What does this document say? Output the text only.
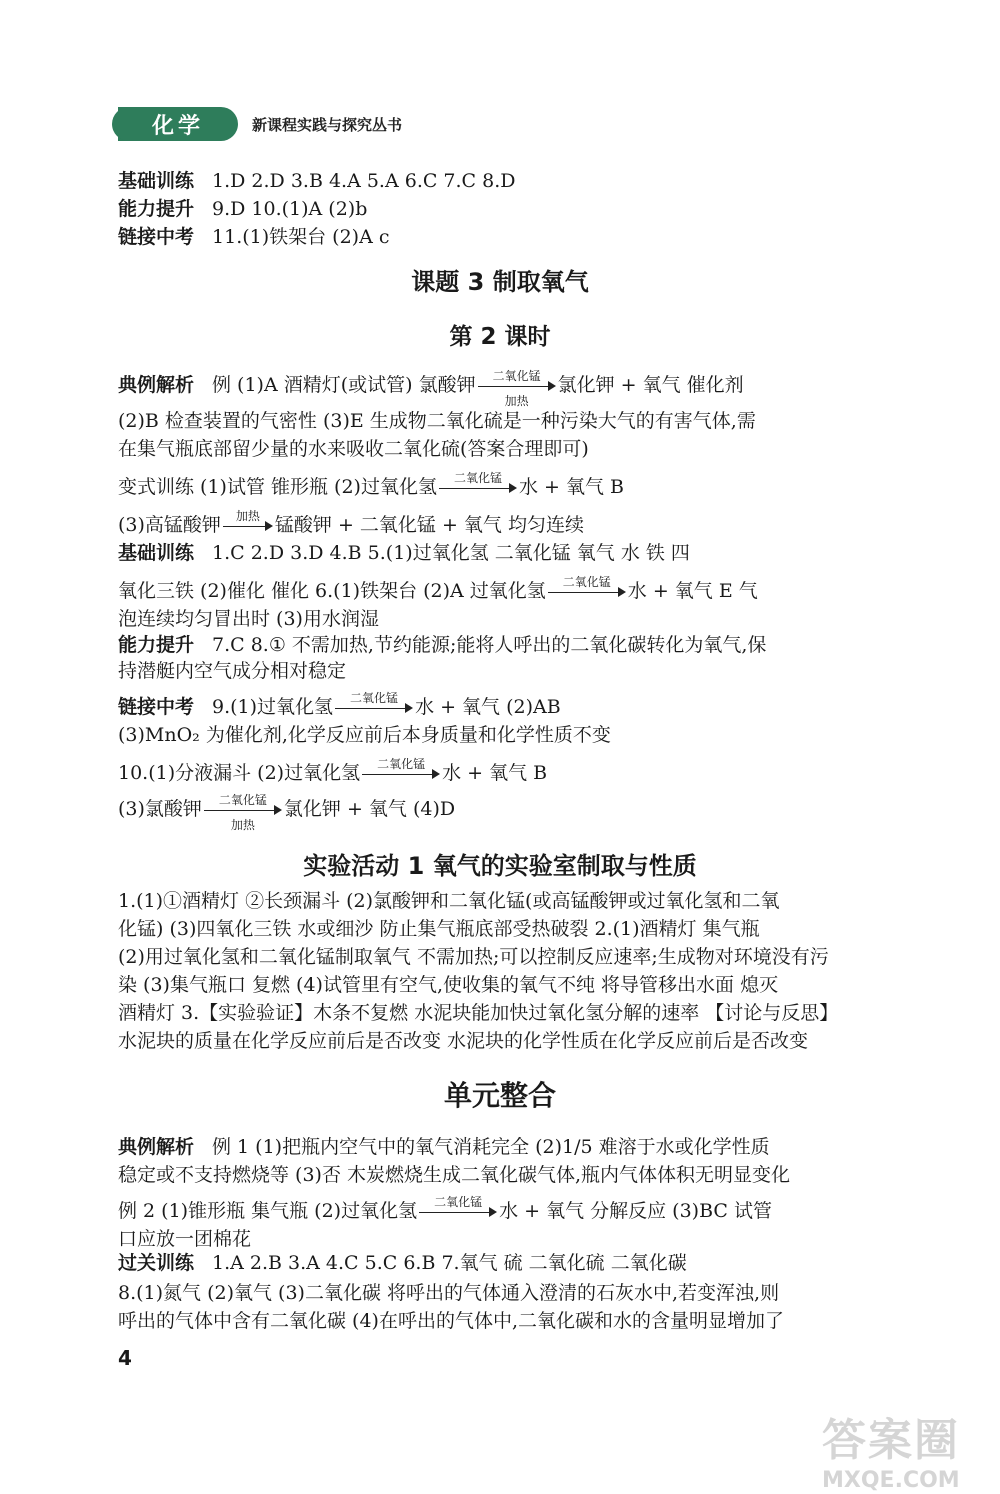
化学	新课程实践与探究丛书
基础训练 1.D 2.D 3.B 4.A 5.A 6.C 7.C 8.D
能力提升 9.D 10.(1)A (2)b
链接中考 11.(1)铁架台 (2)A c
课题 3 制取氧气
第 2 课时
典例解析 例 (1)A 酒精灯(或试管) 氯酸钾	二氧化锰
加热
氯化钾 + 氧气 催化剂
(2)B 检查装置的气密性 (3)E 生成物二氧化硫是一种污染大气的有害气体,需
在集气瓶底部留少量的水来吸收二氧化硫(答案合理即可)
变式训练 (1)试管 锥形瓶 (2)过氧化氢	二氧化锰 水 + 氧气 B
(3)高锰酸钾	加热 锰酸钾 + 二氧化锰 + 氧气 均匀连续
基础训练 1.C 2.D 3.D 4.B 5.(1)过氧化氢 二氧化锰 氧气 水 铁 四
氧化三铁 (2)催化 催化 6.(1)铁架台 (2)A 过氧化氢	二氧化锰 水 + 氧气 E 气
泡连续均匀冒出时 (3)用水润湿
能力提升 7.C 8.① 不需加热,节约能源;能将人呼出的二氧化碳转化为氧气,保
持潜艇内空气成分相对稳定
链接中考 9.(1)过氧化氢	二氧化锰 水 + 氧气 (2)AB
(3)MnO₂ 为催化剂,化学反应前后本身质量和化学性质不变
10.(1)分液漏斗 (2)过氧化氢	二氧化锰 水 + 氧气 B
(3)氯酸钾	二氧化锰
加热
氯化钾 + 氧气 (4)D
实验活动 1 氧气的实验室制取与性质
1.(1)①酒精灯 ②长颈漏斗 (2)氯酸钾和二氧化锰(或高锰酸钾或过氧化氢和二氧
化锰) (3)四氧化三铁 水或细沙 防止集气瓶底部受热破裂 2.(1)酒精灯 集气瓶
(2)用过氧化氢和二氧化锰制取氧气 不需加热;可以控制反应速率;生成物对环境没有污
染 (3)集气瓶口 复燃 (4)试管里有空气,使收集的氧气不纯 将导管移出水面 熄灭
酒精灯 3.【实验验证】木条不复燃 水泥块能加快过氧化氢分解的速率 【讨论与反思】
水泥块的质量在化学反应前后是否改变 水泥块的化学性质在化学反应前后是否改变
单元整合
典例解析 例 1 (1)把瓶内空气中的氧气消耗完全 (2)1/5 难溶于水或化学性质
稳定或不支持燃烧等 (3)否 木炭燃烧生成二氧化碳气体,瓶内气体体积无明显变化
例 2 (1)锥形瓶 集气瓶 (2)过氧化氢	二氧化锰 水 + 氧气 分解反应 (3)BC 试管
口应放一团棉花
过关训练 1.A 2.B 3.A 4.C 5.C 6.B 7.氧气 硫 二氧化硫 二氧化碳
8.(1)氮气 (2)氧气 (3)二氧化碳 将呼出的气体通入澄清的石灰水中,若变浑浊,则
呼出的气体中含有二氧化碳 (4)在呼出的气体中,二氧化碳和水的含量明显增加了
4
答案圈
MXQE.COM
